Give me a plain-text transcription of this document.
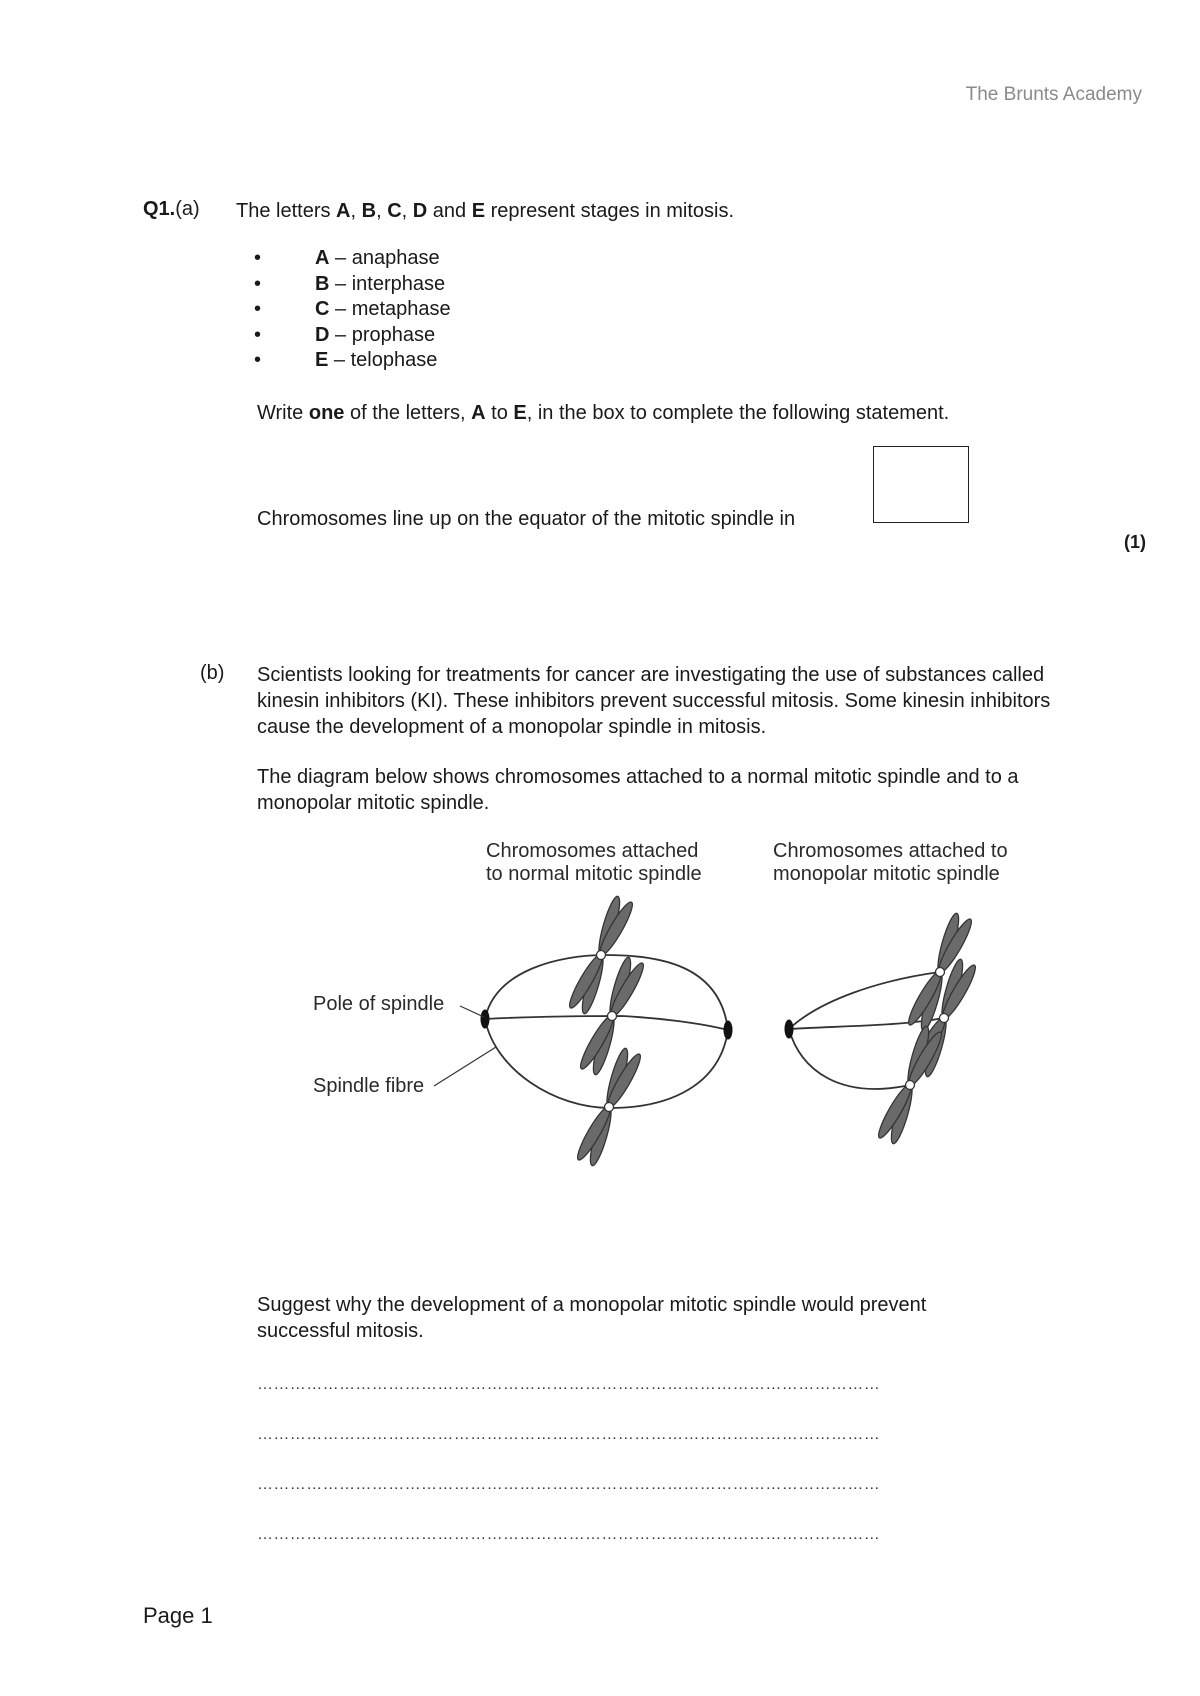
The Brunts Academy
Q1.(a) The letters A, B, C, D and E represent stages in mitosis.
•	A – anaphase
•	B – interphase
•	C – metaphase
•	D – prophase
•	E – telophase
Write one of the letters, A to E, in the box to complete the following statement.
Chromosomes line up on the equator of the mitotic spindle in
(1)
(b) Scientists looking for treatments for cancer are investigating the use of substances called kinesin inhibitors (KI). These inhibitors prevent successful mitosis. Some kinesin inhibitors cause the development of a monopolar spindle in mitosis.
The diagram below shows chromosomes attached to a normal mitotic spindle and to a monopolar mitotic spindle.
Chromosomes attached
to normal mitotic spindle
Chromosomes attached to
monopolar mitotic spindle
Pole of spindle
Spindle fibre
Suggest why the development of a monopolar mitotic spindle would prevent successful mitosis.
……………………………………………………………………………………………………
……………………………………………………………………………………………………
……………………………………………………………………………………………………
……………………………………………………………………………………………………
Page 1
